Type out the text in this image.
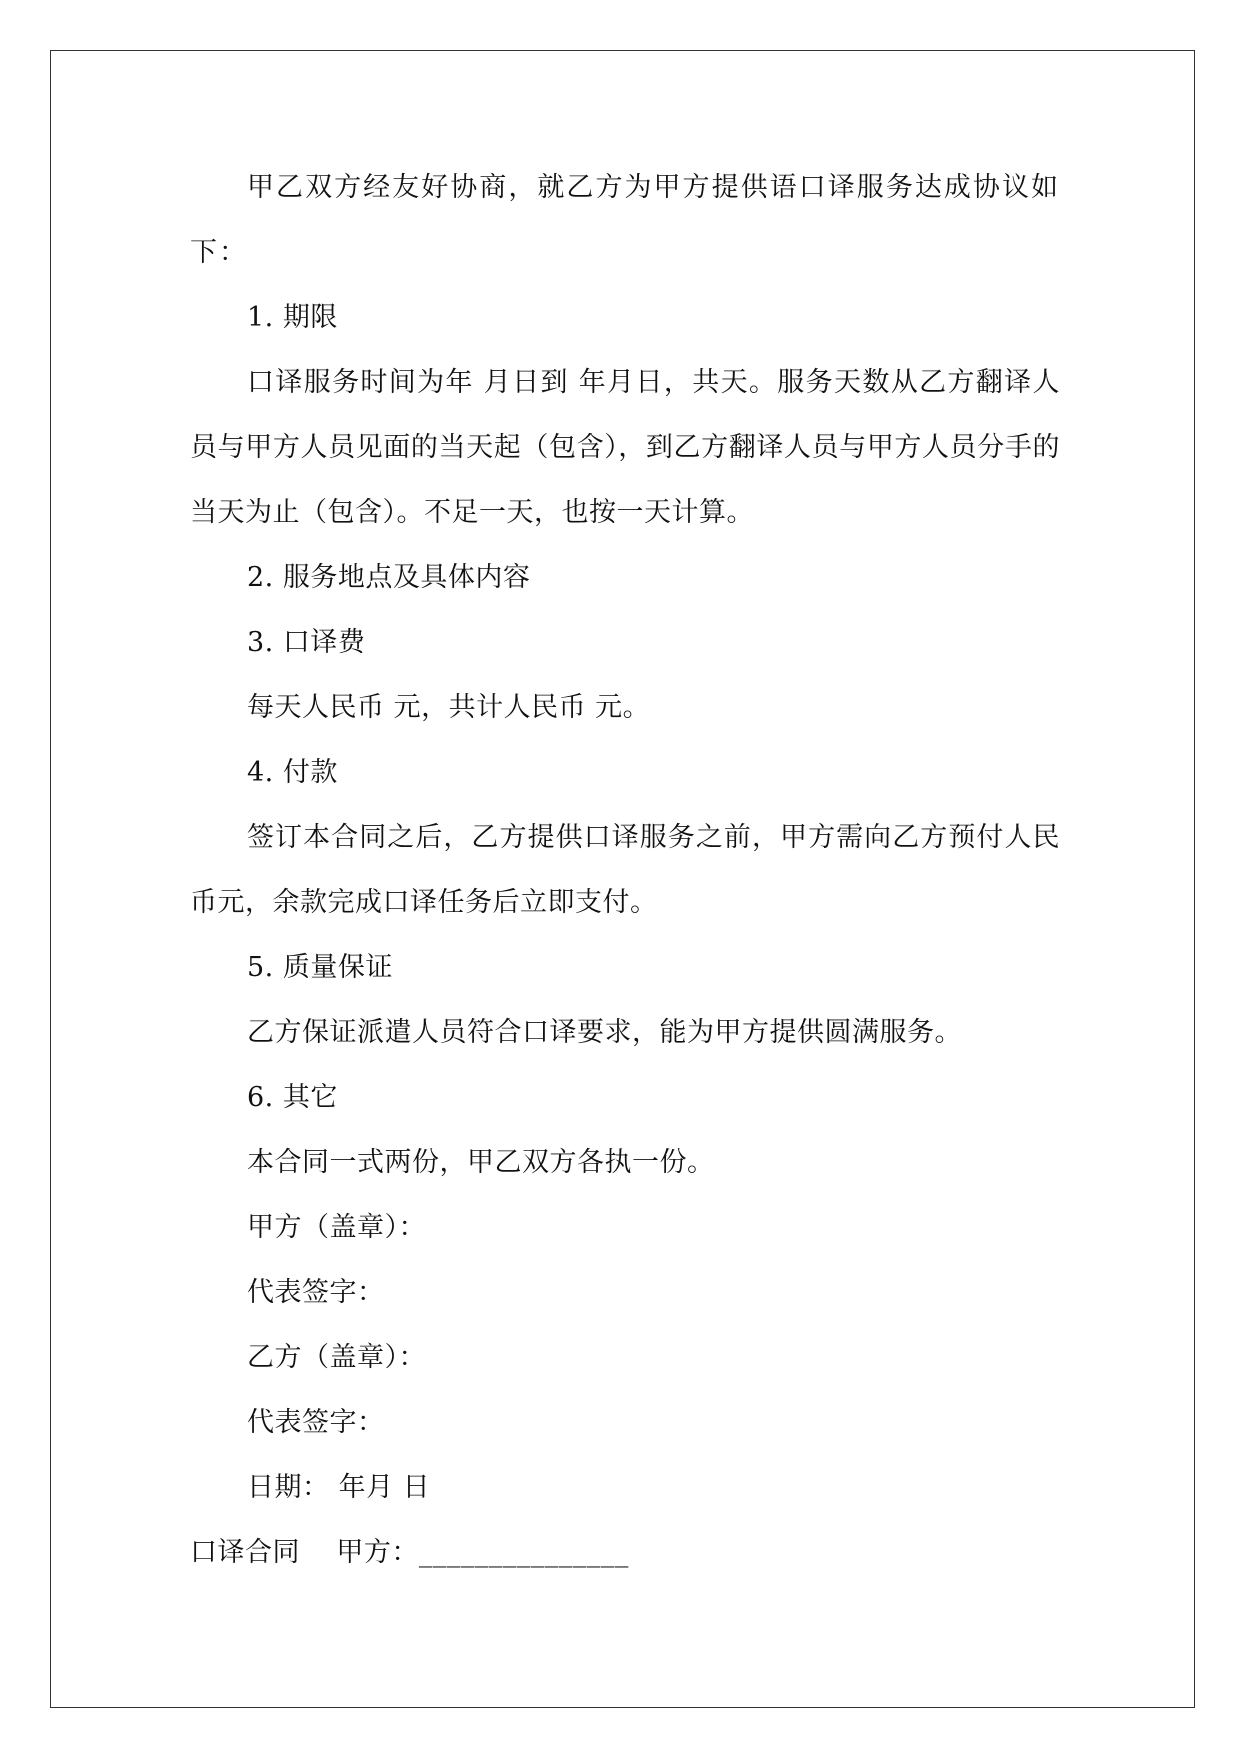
甲乙双方经友好协商，就乙方为甲方提供语口译服务达成协议如下：

1. 期限

口译服务时间为年 月日到 年月日，共天。服务天数从乙方翻译人员与甲方人员见面的当天起（包含），到乙方翻译人员与甲方人员分手的当天为止（包含）。不足一天，也按一天计算。

2. 服务地点及具体内容

3. 口译费

每天人民币 元，共计人民币 元。

4. 付款

签订本合同之后，乙方提供口译服务之前，甲方需向乙方预付人民币元，余款完成口译任务后立即支付。

5. 质量保证

乙方保证派遣人员符合口译要求，能为甲方提供圆满服务。

6. 其它

本合同一式两份，甲乙双方各执一份。

甲方（盖章）：

代表签字：

乙方（盖章）：

代表签字：

日期： 年月 日

口译合同    甲方：_______________
